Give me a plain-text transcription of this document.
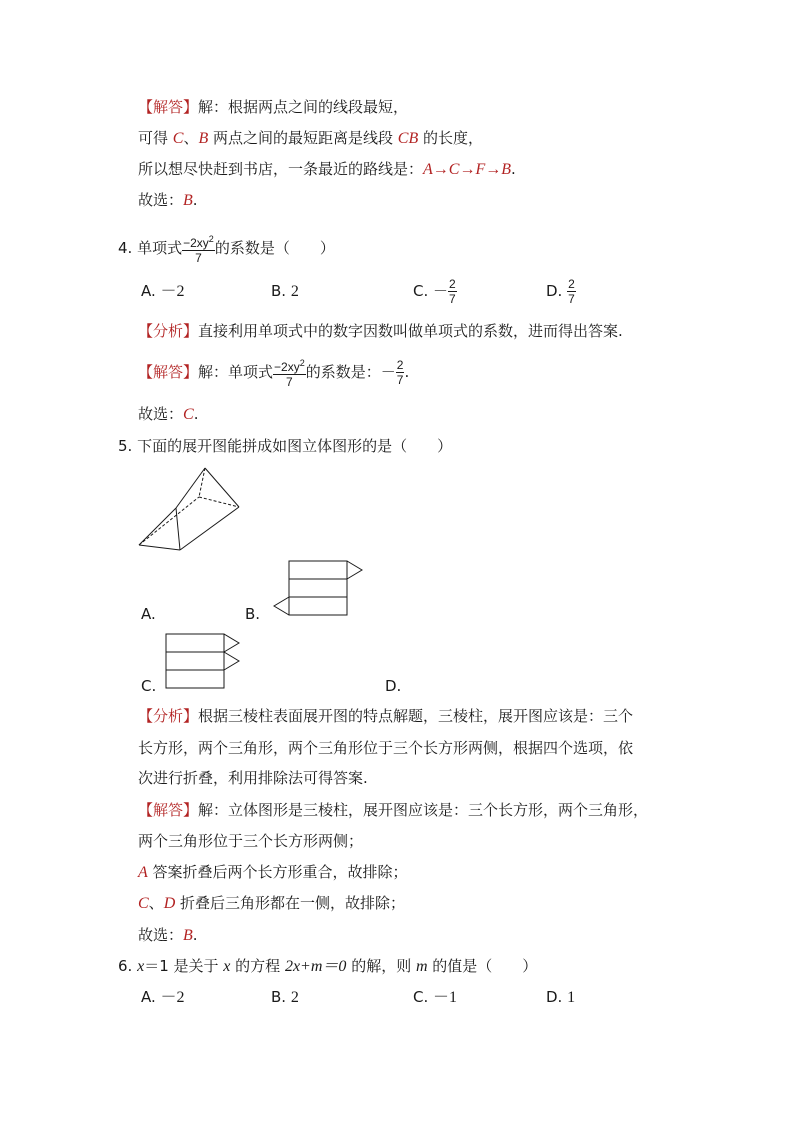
【解答】解：根据两点之间的线段最短，
可得 C、B 两点之间的最短距离是线段 CB 的长度，
所以想尽快赶到书店，一条最近的路线是：A→C→F→B.
故选：B.
4. 单项式 $\frac{-2xy^2}{7}$ 的系数是（　　）
A. －2	B. 2	C. － $\frac{2}{7}$	D. $\frac{2}{7}$
【分析】直接利用单项式中的数字因数叫做单项式的系数，进而得出答案.
【解答】解：单项式 $\frac{-2xy^2}{7}$ 的系数是：－ $\frac{2}{7}$ .
故选：C.
5. 下面的展开图能拼成如图立体图形的是（　　）
A.	B.
C.	D.
【分析】根据三棱柱表面展开图的特点解题，三棱柱，展开图应该是：三个
长方形，两个三角形，两个三角形位于三个长方形两侧，根据四个选项，依
次进行折叠，利用排除法可得答案.
【解答】解：立体图形是三棱柱，展开图应该是：三个长方形，两个三角形，
两个三角形位于三个长方形两侧；
A 答案折叠后两个长方形重合，故排除；
C、D 折叠后三角形都在一侧，故排除；
故选：B.
6. x＝1 是关于 x 的方程 2x+m＝0 的解，则 m 的值是（　　）
A. －2	B. 2	C. －1	D. 1
